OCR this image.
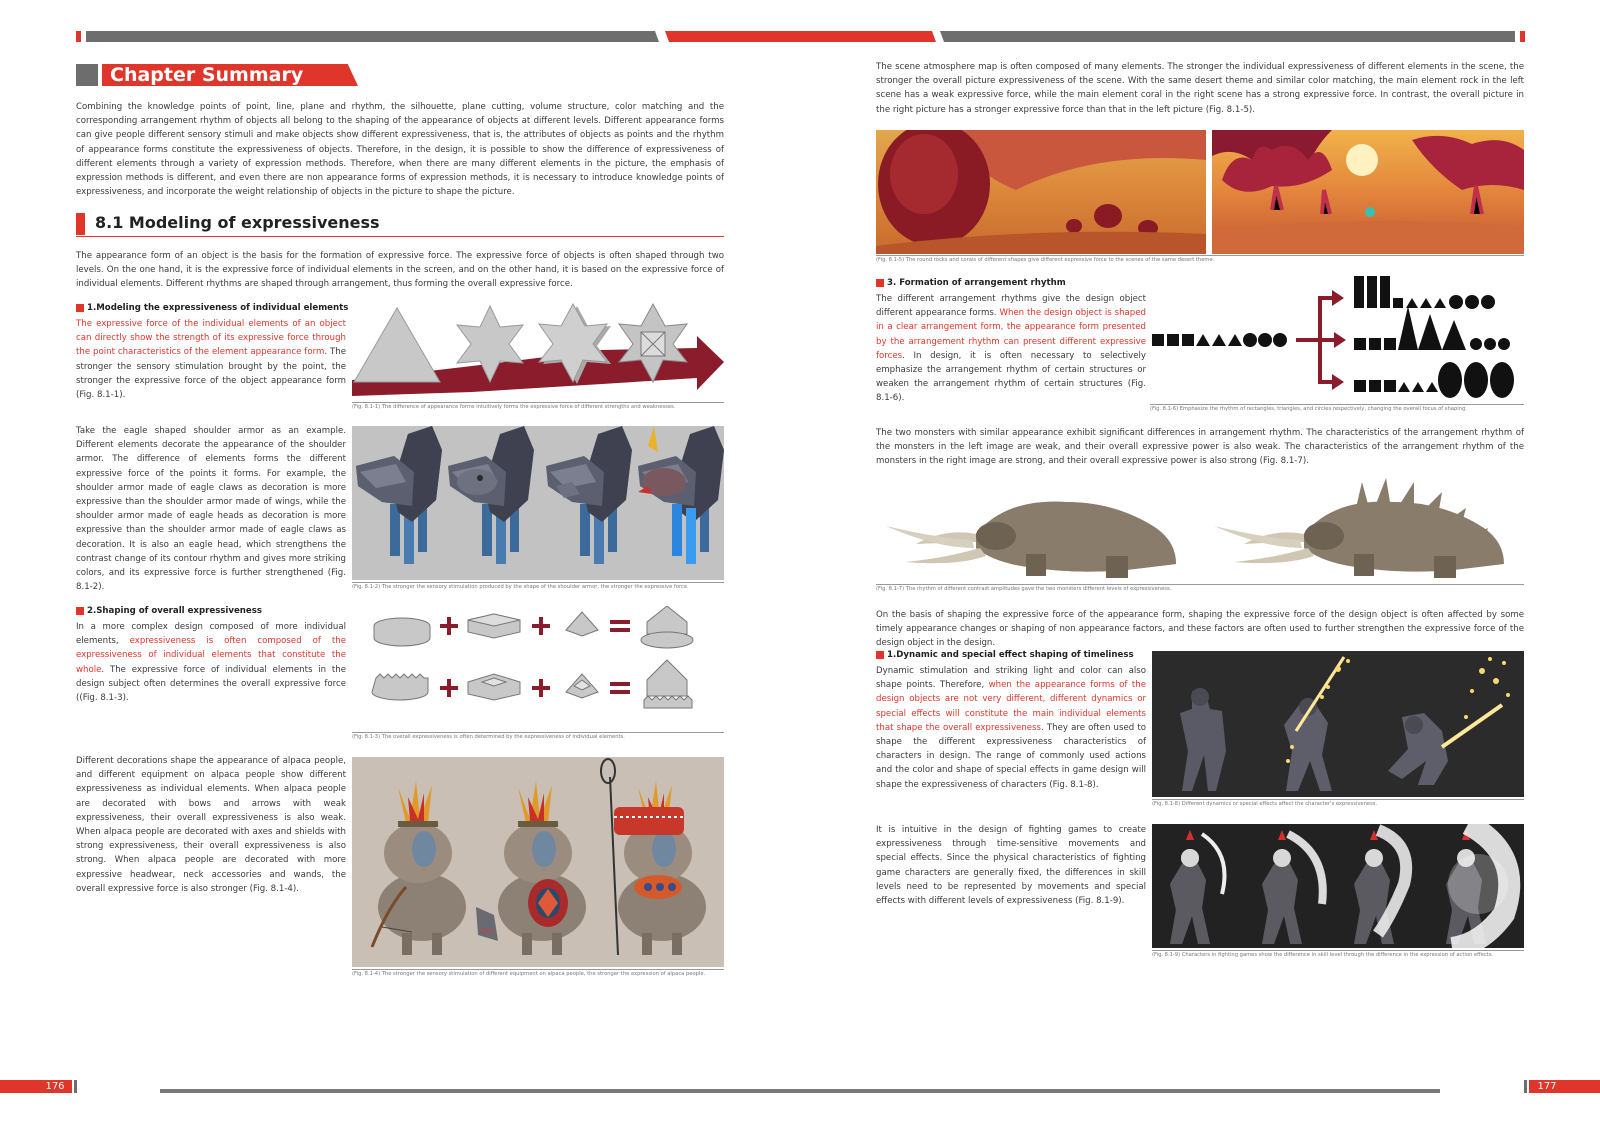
Chapter Summary

Combining the knowledge points of point, line, plane and rhythm, the silhouette, plane cutting, volume structure, color matching and the corresponding arrangement rhythm of objects all belong to the shaping of the appearance of objects at different levels. Different appearance forms can give people different sensory stimuli and make objects show different expressiveness, that is, the attributes of objects as points and the rhythm of appearance forms constitute the expressiveness of objects. Therefore, in the design, it is possible to show the difference of expressiveness of different elements through a variety of expression methods. Therefore, when there are many different elements in the picture, the emphasis of expression methods is different, and even there are non appearance forms of expression methods, it is necessary to introduce knowledge points of expressiveness, and incorporate the weight relationship of objects in the picture to shape the picture.

8.1 Modeling of expressiveness

The appearance form of an object is the basis for the formation of expressive force. The expressive force of objects is often shaped through two levels. On the one hand, it is the expressive force of individual elements in the screen, and on the other hand, it is based on the expressive force of individual elements. Different rhythms are shaped through arrangement, thus forming the overall expressive force.

1.Modeling the expressiveness of individual elements

The expressive force of the individual elements of an object can directly show the strength of its expressive force through the point characteristics of the element appearance form. The stronger the sensory stimulation brought by the point, the stronger the expressive force of the object appearance form (Fig. 8.1-1).

(Fig. 8.1-1) The difference of appearance forms intuitively forms the expressive force of different strengths and weaknesses.

Take the eagle shaped shoulder armor as an example. Different elements decorate the appearance of the shoulder armor. The difference of elements forms the different expressive force of the points it forms. For example, the shoulder armor made of eagle claws as decoration is more expressive than the shoulder armor made of wings, while the shoulder armor made of eagle heads as decoration is more expressive than the shoulder armor made of eagle claws as decoration. It is also an eagle head, which strengthens the contrast change of its contour rhythm and gives more striking colors, and its expressive force is further strengthened (Fig. 8.1-2).	(Fig. 8.1-2) The stronger the sensory stimulation produced by the shape of the shoulder armor, the stronger the expressive force.
2.Shaping of overall expressiveness

In a more complex design composed of more individual elements, expressiveness is often composed of the expressiveness of individual elements that constitute the whole. The expressive force of individual elements in the design subject often determines the overall expressive force ((Fig. 8.1-3).

(Fig. 8.1-3) The overall expressiveness is often determined by the expressiveness of individual elements.

Different decorations shape the appearance of alpaca people, and different equipment on alpaca people show different expressiveness as individual elements. When alpaca people are decorated with bows and arrows with weak expressiveness, their overall expressiveness is also weak. When alpaca people are decorated with axes and shields with strong expressiveness, their overall expressiveness is also strong. When alpaca people are decorated with more expressive headwear, neck accessories and wands, the overall expressive force is also stronger (Fig. 8.1-4).

YAYA
(Fig. 8.1-4) The stronger the sensory stimulation of different equipment on alpaca people, the stronger the expression of alpaca people.

The scene atmosphere map is often composed of many elements. The stronger the individual expressiveness of different elements in the scene, the stronger the overall picture expressiveness of the scene. With the same desert theme and similar color matching, the main element rock in the left scene has a weak expressive force, while the main element coral in the right scene has a strong expressive force. In contrast, the overall picture in the right picture has a stronger expressive force than that in the left picture (Fig. 8.1-5).

(Fig. 8.1-5) The round rocks and corals of different shapes give different expressive force to the scenes of the same desert theme.
3. Formation of arrangement rhythm

The different arrangement rhythms give the design object different appearance forms. When the design object is shaped in a clear arrangement form, the appearance form presented by the arrangement rhythm can present different expressive forces. In design, it is often necessary to selectively emphasize the arrangement rhythm of certain structures or weaken the arrangement rhythm of certain structures (Fig. 8.1-6).

(Fig. 8.1-6) Emphasize the rhythm of rectangles, triangles, and circles respectively, changing the overall focus of shaping.

The two monsters with similar appearance exhibit significant differences in arrangement rhythm. The characteristics of the arrangement rhythm of the monsters in the left image are weak, and their overall expressive power is also weak. The characteristics of the arrangement rhythm of the monsters in the right image are strong, and their overall expressive power is also strong (Fig. 8.1-7).

(Fig. 8.1-7) The rhythm of different contrast amplitudes gave the two monsters different levels of expressiveness.

On the basis of shaping the expressive force of the appearance form, shaping the expressive force of the design object is often affected by some timely appearance changes or shaping of non appearance factors, and these factors are often used to further strengthen the expressive force of the design object in the design.

1.Dynamic and special effect shaping of timeliness

Dynamic stimulation and striking light and color can also shape points. Therefore, when the appearance forms of the design objects are not very different, different dynamics or special effects will constitute the main individual elements that shape the overall expressiveness. They are often used to shape the different expressiveness characteristics of characters in design. The range of commonly used actions and the color and shape of special effects in game design will shape the expressiveness of characters (Fig. 8.1-8).

(Fig. 8.1-8) Different dynamics or special effects affect the character's expressiveness.

It is intuitive in the design of fighting games to create expressiveness through time-sensitive movements and special effects. Since the physical characteristics of fighting game characters are generally fixed, the differences in skill levels need to be represented by movements and special effects with different levels of expressiveness (Fig. 8.1-9).

(Fig. 8.1-9) Characters in fighting games show the difference in skill level through the difference in the expression of action effects.
176	177
